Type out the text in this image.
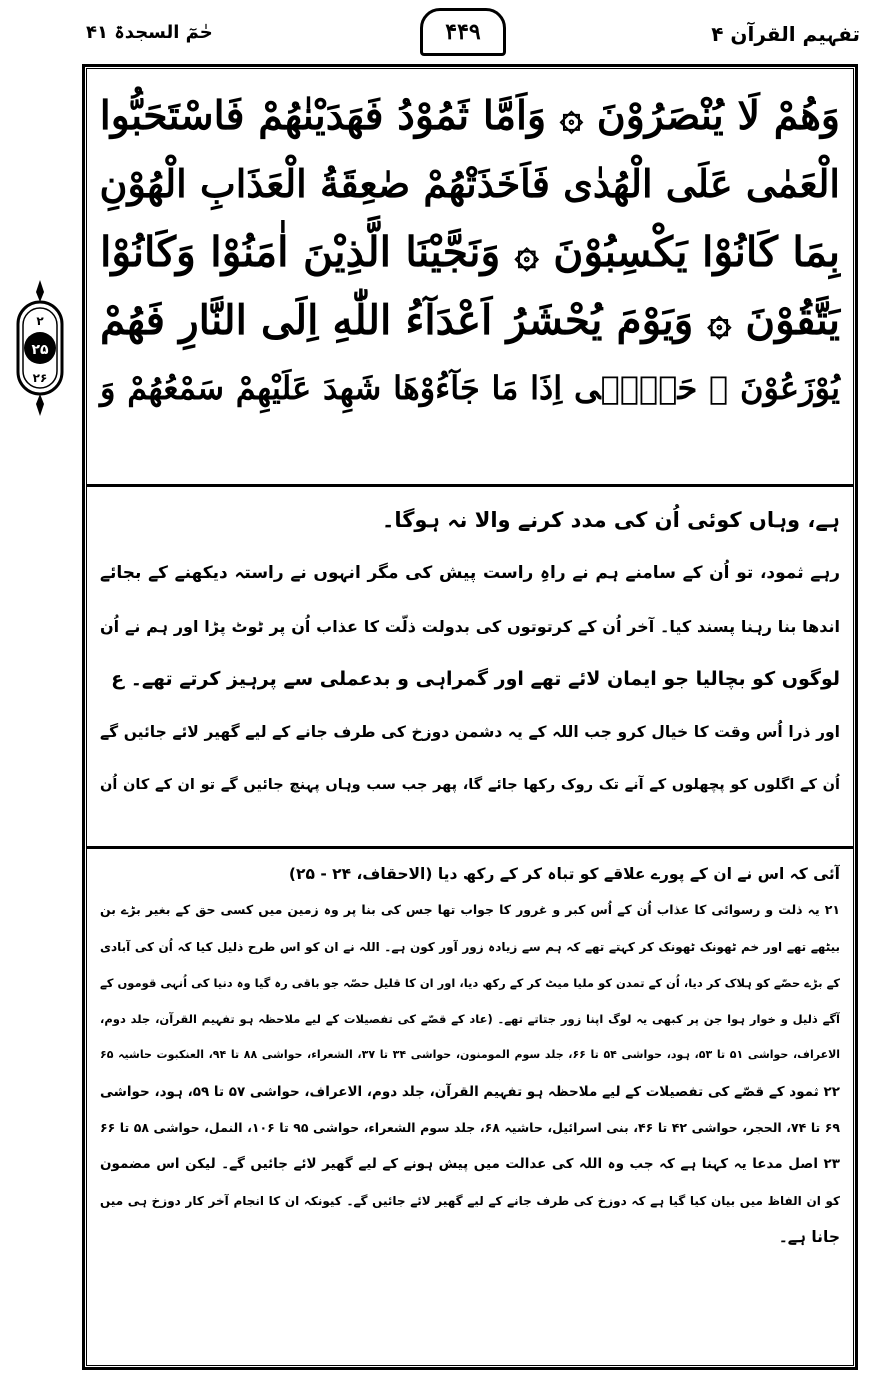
تفہیم القرآن ۴
۴۴۹
حٰمٓ السجدۃ ۴۱
۲
۲۵
۲۶
وَهُمْ لَا يُنْصَرُوْنَ ۞ وَاَمَّا ثَمُوْدُ فَهَدَيْنٰهُمْ فَاسْتَحَبُّوا
الْعَمٰى عَلَى الْهُدٰى فَاَخَذَتْهُمْ صٰعِقَةُ الْعَذَابِ الْهُوْنِ
بِمَا كَانُوْا يَكْسِبُوْنَ ۞ وَنَجَّيْنَا الَّذِيْنَ اٰمَنُوْا وَكَانُوْا
يَتَّقُوْنَ ۞ وَيَوْمَ يُحْشَرُ اَعْدَآءُ اللّٰهِ اِلَى النَّارِ فَهُمْ
يُوْزَعُوْنَ ۞ حَتّٰۤى اِذَا مَا جَآءُوْهَا شَهِدَ عَلَيْهِمْ سَمْعُهُمْ وَ
ہے، وہاں کوئی اُن کی مدد کرنے والا نہ ہوگا۔
رہے ثمود، تو اُن کے سامنے ہم نے راہِ راست پیش کی مگر انہوں نے راستہ دیکھنے کے بجائے
اندھا بنا رہنا پسند کیا۔ آخر اُن کے کرتوتوں کی بدولت ذلّت کا عذاب اُن پر ٹوٹ پڑا اور ہم نے اُن
لوگوں کو بچالیا جو ایمان لائے تھے اور گمراہی و بدعملی سے پرہیز کرتے تھے۔ ع
اور ذرا اُس وقت کا خیال کرو جب اللہ کے یہ دشمن دوزخ کی طرف جانے کے لیے گھیر لائے جائیں گے
اُن کے اگلوں کو پچھلوں کے آنے تک روک رکھا جائے گا، پھر جب سب وہاں پہنچ جائیں گے تو ان کے کان اُن
آئی کہ اس نے ان کے پورے علاقے کو تباہ کر کے رکھ دیا (الاحقاف، ۲۴ - ۲۵)
۲۱ یہ ذلت و رسوائی کا عذاب اُن کے اُس کبر و غرور کا جواب تھا جس کی بنا پر وہ زمین میں کسی حق کے بغیر بڑے بن
بیٹھے تھے اور خم ٹھونک ٹھونک کر کہتے تھے کہ ہم سے زیادہ زور آور کون ہے۔ اللہ نے ان کو اس طرح ذلیل کیا کہ اُن کی آبادی
کے بڑے حصّے کو ہلاک کر دیا، اُن کے تمدن کو ملیا میٹ کر کے رکھ دیا، اور ان کا قلیل حصّہ جو باقی رہ گیا وہ دنیا کی اُنہی قوموں کے
آگے ذلیل و خوار ہوا جن پر کبھی یہ لوگ اپنا زور جتاتے تھے۔ (عاد کے قصّے کی تفصیلات کے لیے ملاحظہ ہو تفہیم القرآن، جلد دوم،
الاعراف، حواشی ۵۱ تا ۵۳، ہود، حواشی ۵۴ تا ۶۶، جلد سوم المومنون، حواشی ۳۴ تا ۳۷، الشعراء، حواشی ۸۸ تا ۹۴، العنکبوت حاشیہ ۶۵
۲۲ ثمود کے قصّے کی تفصیلات کے لیے ملاحظہ ہو تفہیم القرآن، جلد دوم، الاعراف، حواشی ۵۷ تا ۵۹، ہود، حواشی
۶۹ تا ۷۴، الحجر، حواشی ۴۲ تا ۴۶، بنی اسرائیل، حاشیہ ۶۸، جلد سوم الشعراء، حواشی ۹۵ تا ۱۰۶، النمل، حواشی ۵۸ تا ۶۶
۲۳ اصل مدعا یہ کہنا ہے کہ جب وہ اللہ کی عدالت میں پیش ہونے کے لیے گھیر لائے جائیں گے۔ لیکن اس مضمون
کو ان الفاظ میں بیان کیا گیا ہے کہ دوزخ کی طرف جانے کے لیے گھیر لائے جائیں گے۔ کیونکہ ان کا انجام آخر کار دوزخ ہی میں
جانا ہے۔
